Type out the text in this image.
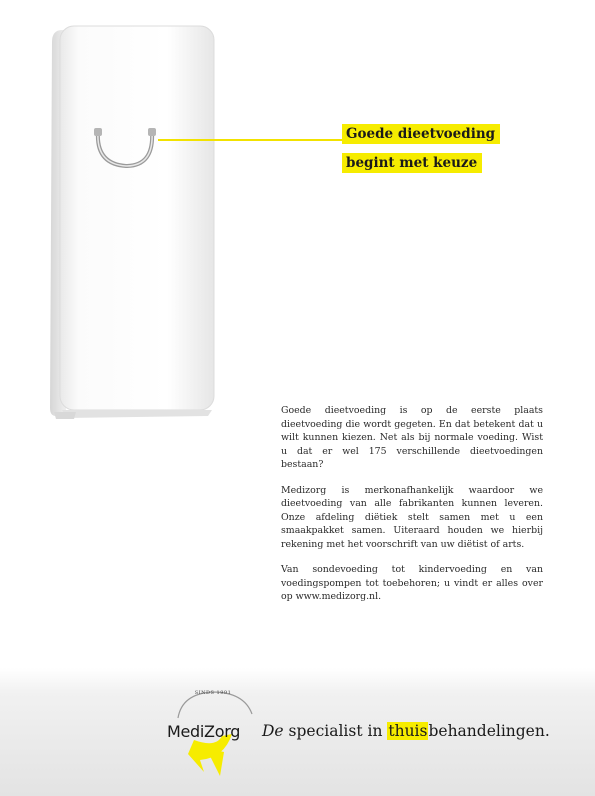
Goede dieetvoeding
begint met keuze

Goede dieetvoeding is op de eerste plaats dieetvoeding die wordt gegeten. En dat betekent dat u wilt kunnen kiezen. Net als bij normale voeding. Wist u dat er wel 175 verschillende dieetvoedingen bestaan?

Medizorg is merkonafhankelijk waardoor we dieetvoeding van alle fabrikanten kunnen leveren. Onze afdeling diëtiek stelt samen met u een smaakpakket samen. Uiteraard houden we hierbij rekening met het voorschrift van uw diëtist of arts.

Van sondevoeding tot kindervoeding en van voedingspompen tot toebehoren; u vindt er alles over op www.medizorg.nl.

SINDS 1991
MediZorg De specialist in thuisbehandelingen.
